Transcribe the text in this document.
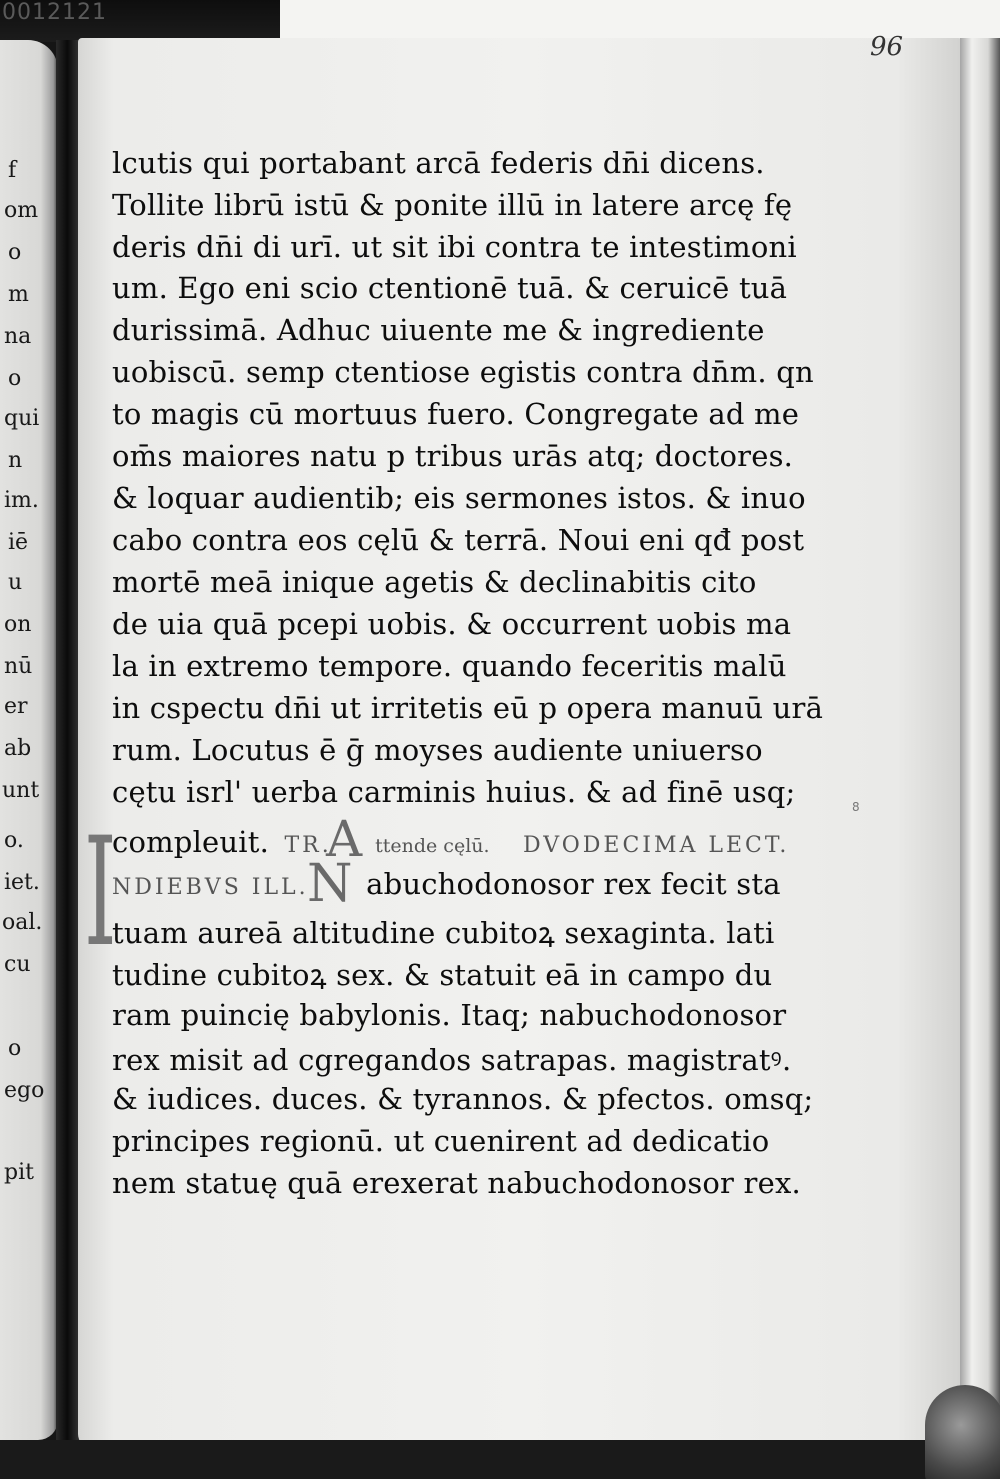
0012121
f
om
o
m
na
o
qui
n
im.
iē
u
on
nū
er
ab
unt
o.
iet.
oal.
cu
o
ego
pit
96
8
lcutis qui portabant arcā federis dn̄i dicens.
Tollite librū istū & ponite illū in latere arcę fę
deris dn̄i di urī. ut sit ibi contra te intestimoni
um. Ego eni scio ctentionē tuā. & ceruicē tuā
durissimā. Adhuc uiuente me & ingrediente
uobiscū. semp ctentiose egistis contra dn̄m. qn
to magis cū mortuus fuero. Congregate ad me
om̄s maiores natu p tribus urās atq; doctores.
& loquar audientib; eis sermones istos. & inuo
cabo contra eos cęlū & terrā. Noui eni qđ post
mortē meā inique agetis & declinabitis cito
de uia quā pcepi uobis. & occurrent uobis ma
la in extremo tempore. quando feceritis malū
in cspectu dn̄i ut irritetis eū p opera manuū urā
rum. Locutus ē ḡ moyses audiente uniuerso
cętu isrl' uerba carminis huius. & ad finē usq;
compleuit. TR. ttende cęlū. DVODECIMA LECT.
A
NDIEBVS ILL. abuchodonosor rex fecit sta
N
I
tuam aureā altitudine cubitoꝝ sexaginta. lati
tudine cubitoꝝ sex. & statuit eā in campo du
ram puincię babylonis. Itaq; nabuchodonosor
rex misit ad cgregandos satrapas. magistratꝰ.
& iudices. duces. & tyrannos. & pfectos. omsq;
principes regionū. ut cuenirent ad dedicatio
nem statuę quā erexerat nabuchodonosor rex.
